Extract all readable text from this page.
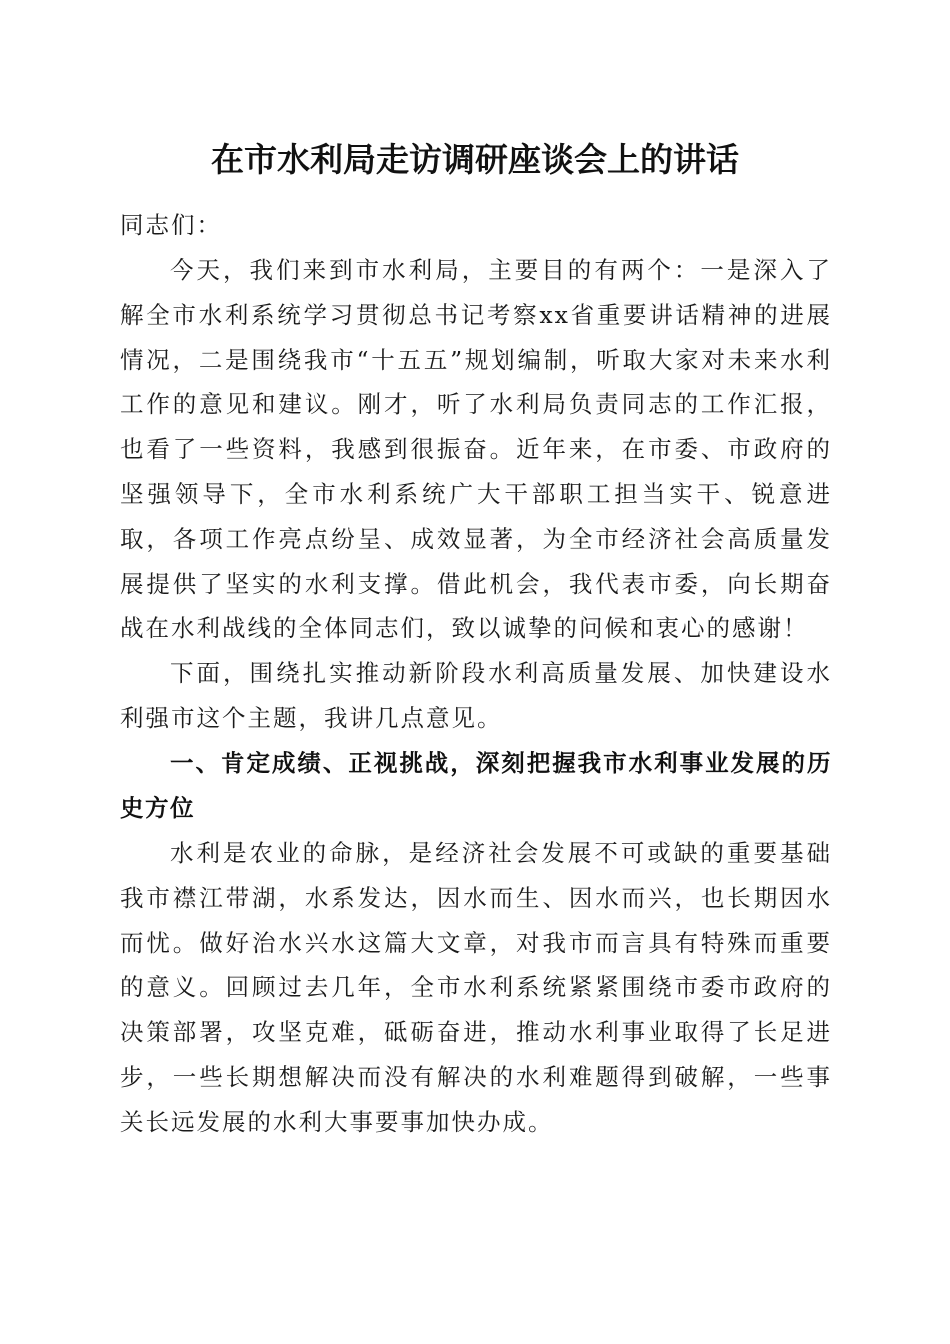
在市水利局走访调研座谈会上的讲话
同志们：

今天，我们来到市水利局，主要目的有两个：一是深入了解全市水利系统学习贯彻总书记考察xx省重要讲话精神的进展情况，二是围绕我市“十五五”规划编制，听取大家对未来水利工作的意见和建议。刚才，听了水利局负责同志的工作汇报，也看了一些资料，我感到很振奋。近年来，在市委、市政府的坚强领导下，全市水利系统广大干部职工担当实干、锐意进取，各项工作亮点纷呈、成效显著，为全市经济社会高质量发展提供了坚实的水利支撑。借此机会，我代表市委，向长期奋战在水利战线的全体同志们，致以诚挚的问候和衷心的感谢！

下面，围绕扎实推动新阶段水利高质量发展、加快建设水利强市这个主题，我讲几点意见。

一、肯定成绩、正视挑战，深刻把握我市水利事业发展的历史方位

水利是农业的命脉，是经济社会发展不可或缺的重要基础我市襟江带湖，水系发达，因水而生、因水而兴，也长期因水而忧。做好治水兴水这篇大文章，对我市而言具有特殊而重要的意义。回顾过去几年，全市水利系统紧紧围绕市委市政府的决策部署，攻坚克难，砥砺奋进，推动水利事业取得了长足进步，一些长期想解决而没有解决的水利难题得到破解，一些事关长远发展的水利大事要事加快办成。
